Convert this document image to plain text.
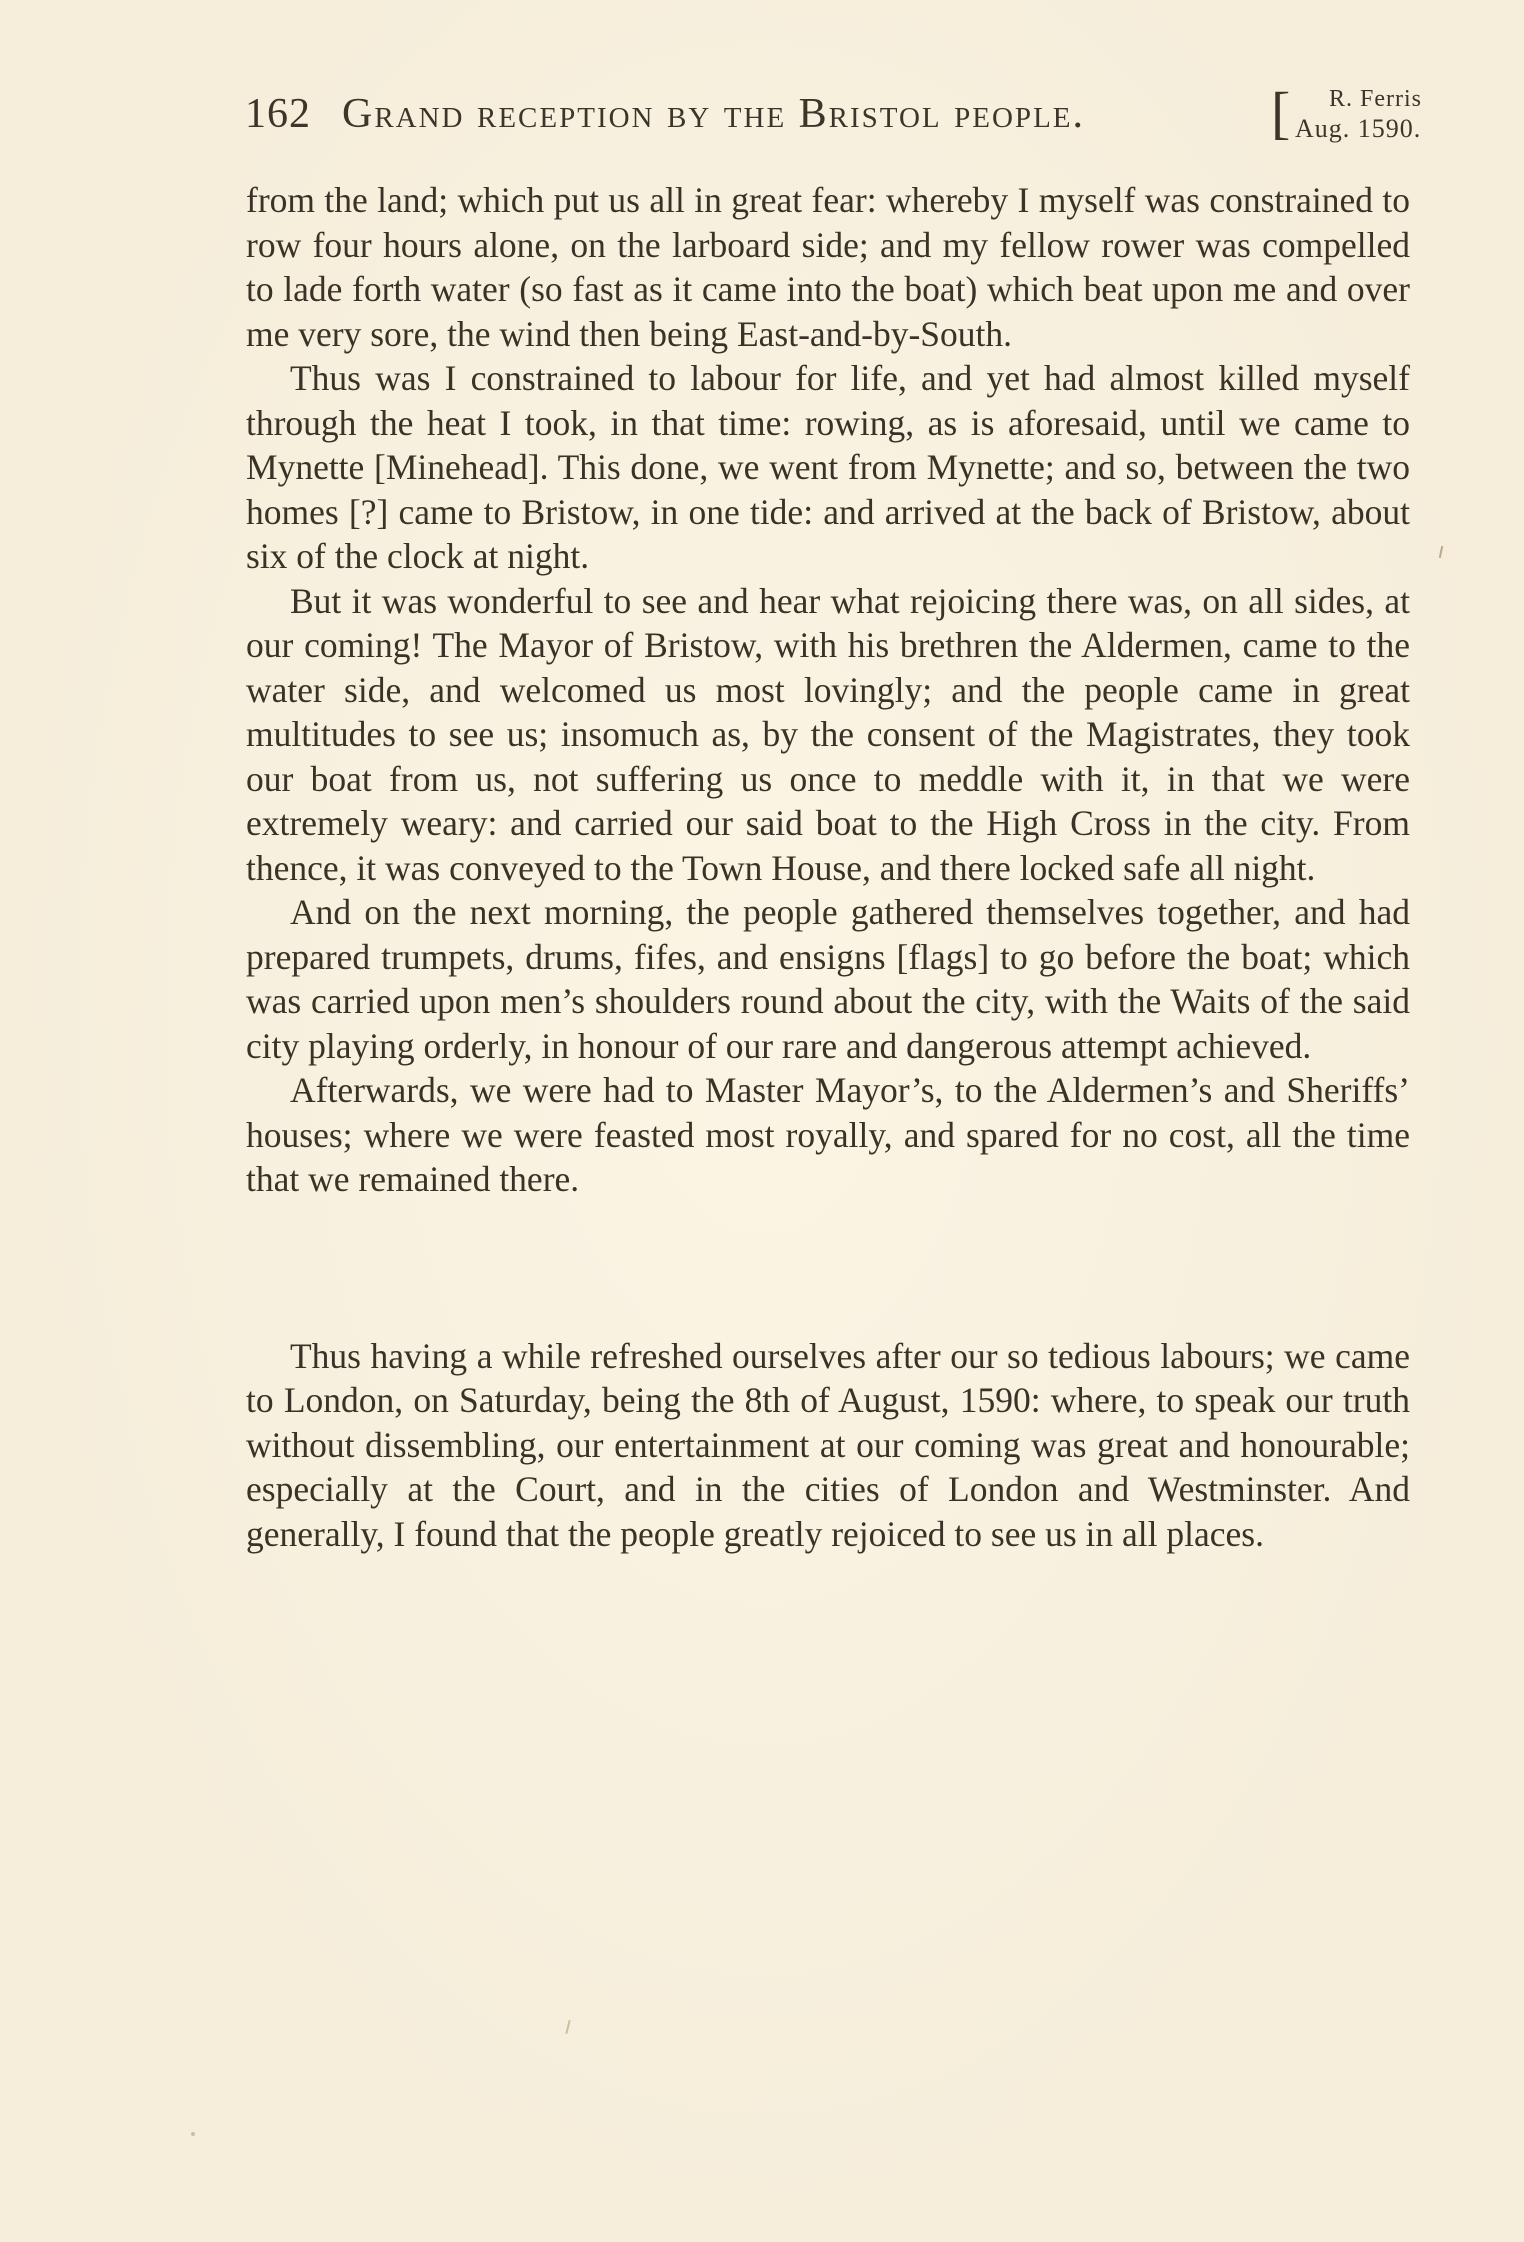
162 Grand reception by the Bristol people.	[ R. Ferris
Aug. 1590.

from the land; which put us all in great fear: whereby I myself was constrained to row four hours alone, on the larboard side; and my fellow rower was compelled to lade forth water (so fast as it came into the boat) which beat upon me and over me very sore, the wind then being East-and-by-South.

Thus was I constrained to labour for life, and yet had almost killed myself through the heat I took, in that time: rowing, as is aforesaid, until we came to Mynette [Minehead]. This done, we went from Mynette; and so, between the two homes [?] came to Bristow, in one tide: and arrived at the back of Bristow, about six of the clock at night.

But it was wonderful to see and hear what rejoicing there was, on all sides, at our coming! The Mayor of Bristow, with his brethren the Aldermen, came to the water side, and welcomed us most lovingly; and the people came in great multitudes to see us; insomuch as, by the consent of the Magistrates, they took our boat from us, not suffering us once to meddle with it, in that we were extremely weary: and carried our said boat to the High Cross in the city. From thence, it was conveyed to the Town House, and there locked safe all night.

And on the next morning, the people gathered themselves together, and had prepared trumpets, drums, fifes, and ensigns [flags] to go before the boat; which was carried upon men’s shoulders round about the city, with the Waits of the said city playing orderly, in honour of our rare and dangerous attempt achieved.

Afterwards, we were had to Master Mayor’s, to the Aldermen’s and Sheriffs’ houses; where we were feasted most royally, and spared for no cost, all the time that we remained there.

Thus having a while refreshed ourselves after our so tedious labours; we came to London, on Saturday, being the 8th of August, 1590: where, to speak our truth without dissembling, our entertainment at our coming was great and honourable; especially at the Court, and in the cities of London and Westminster. And generally, I found that the people greatly rejoiced to see us in all places.
